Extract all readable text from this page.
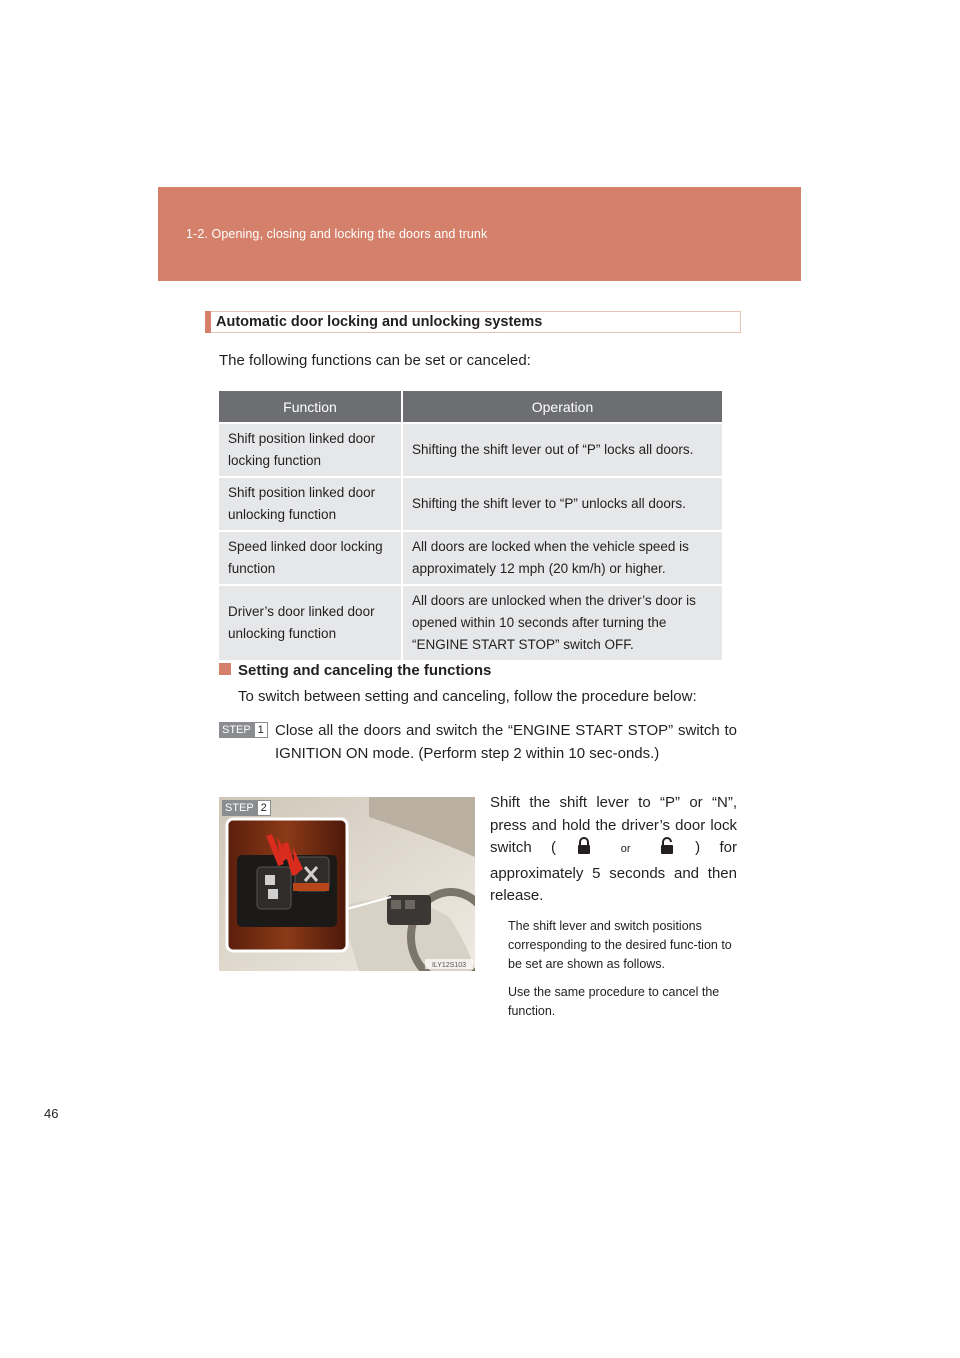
1-2. Opening, closing and locking the doors and trunk
Automatic door locking and unlocking systems
The following functions can be set or canceled:
Function	Operation
Shift position linked door locking function	Shifting the shift lever out of “P” locks all doors.
Shift position linked door unlocking function	Shifting the shift lever to “P” unlocks all doors.
Speed linked door locking function	All doors are locked when the vehicle speed is approximately 12 mph (20 km/h) or higher.
Driver’s door linked door unlocking function	All doors are unlocked when the driver’s door is opened within 10 seconds after turning the “ENGINE START STOP” switch OFF.
Setting and canceling the functions
To switch between setting and canceling, follow the procedure below:
STEP 1 Close all the doors and switch the “ENGINE START STOP” switch to IGNITION ON mode. (Perform step 2 within 10 sec-onds.)
ILY12S103
STEP 2	Shift the shift lever to “P” or “N”, press and hold the driver’s door lock switch (	or	) for approximately 5 seconds and then release.
The shift lever and switch positions corresponding to the desired func-tion to be set are shown as follows.
Use the same procedure to cancel the function.
46
